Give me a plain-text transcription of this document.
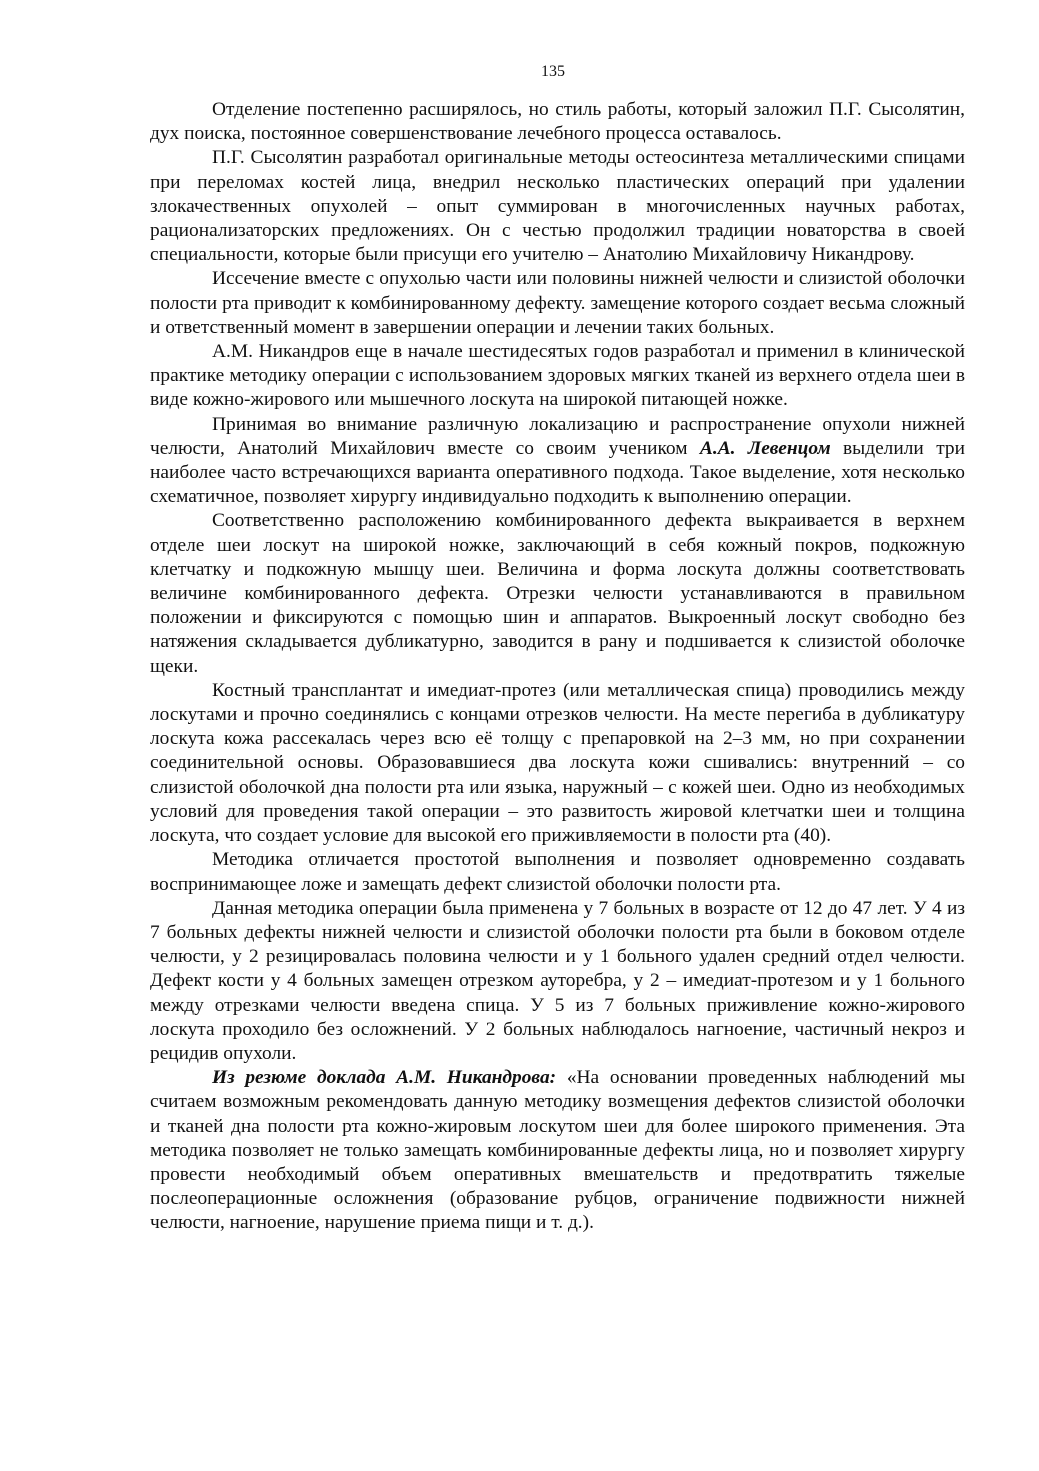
135

Отделение постепенно расширялось, но стиль работы, который заложил П.Г. Сысолятин, дух поиска, постоянное совершенствование лечебного процесса оставалось.

П.Г. Сысолятин разработал оригинальные методы остеосинтеза металлическими спицами при переломах костей лица, внедрил несколько пластических операций при удалении злокачественных опухолей – опыт суммирован в многочисленных научных работах, рационализаторских предложениях. Он с честью продолжил традиции новаторства в своей специальности, которые были присущи его учителю – Анатолию Михайловичу Никандрову.

Иссечение вместе с опухолью части или половины нижней челюсти и слизистой оболочки полости рта приводит к комбинированному дефекту. замещение которого создает весьма сложный и ответственный момент в завершении операции и лечении таких больных.

А.М. Никандров еще в начале шестидесятых годов разработал и применил в клинической практике методику операции с использованием здоровых мягких тканей из верхнего отдела шеи в виде кожно-жирового или мышечного лоскута на широкой питающей ножке.

Принимая во внимание различную локализацию и распространение опухоли нижней челюсти, Анатолий Михайлович вместе со своим учеником А.А. Левенцом выделили три наиболее часто встречающихся варианта оперативного подхода. Такое выделение, хотя несколько схематичное, позволяет хирургу индивидуально подходить к выполнению операции.

Соответственно расположению комбинированного дефекта выкраивается в верхнем отделе шеи лоскут на широкой ножке, заключающий в себя кожный покров, подкожную клетчатку и подкожную мышцу шеи. Величина и форма лоскута должны соответствовать величине комбинированного дефекта. Отрезки челюсти устанавливаются в правильном положении и фиксируются с помощью шин и аппаратов. Выкроенный лоскут свободно без натяжения складывается дубликатурно, заводится в рану и подшивается к слизистой оболочке щеки.

Костный трансплантат и имедиат-протез (или металлическая спица) проводились между лоскутами и прочно соединялись с концами отрезков челюсти. На месте перегиба в дубликатуру лоскута кожа рассекалась через всю её толщу с препаровкой на 2–3 мм, но при сохранении соединительной основы. Образовавшиеся два лоскута кожи сшивались: внутренний – со слизистой оболочкой дна полости рта или языка, наружный – с кожей шеи. Одно из необходимых условий для проведения такой операции – это развитость жировой клетчатки шеи и толщина лоскута, что создает условие для высокой его приживляемости в полости рта (40).

Методика отличается простотой выполнения и позволяет одновременно создавать воспринимающее ложе и замещать дефект слизистой оболочки полости рта.

Данная методика операции была применена у 7 больных в возрасте от 12 до 47 лет. У 4 из 7 больных дефекты нижней челюсти и слизистой оболочки полости рта были в боковом отделе челюсти, у 2 резицировалась половина челюсти и у 1 больного удален средний отдел челюсти. Дефект кости у 4 больных замещен отрезком ауторебра, у 2 – имедиат-протезом и у 1 больного между отрезками челюсти введена спица. У 5 из 7 больных приживление кожно-жирового лоскута проходило без осложнений. У 2 больных наблюдалось нагноение, частичный некроз и рецидив опухоли.

Из резюме доклада А.М. Никандрова: «На основании проведенных наблюдений мы считаем возможным рекомендовать данную методику возмещения дефектов слизистой оболочки и тканей дна полости рта кожно-жировым лоскутом шеи для более широкого применения. Эта методика позволяет не только замещать комбинированные дефекты лица, но и позволяет хирургу провести необходимый объем оперативных вмешательств и предотвратить тяжелые послеоперационные осложнения (образование рубцов, ограничение подвижности нижней челюсти, нагноение, нарушение приема пищи и т. д.).
